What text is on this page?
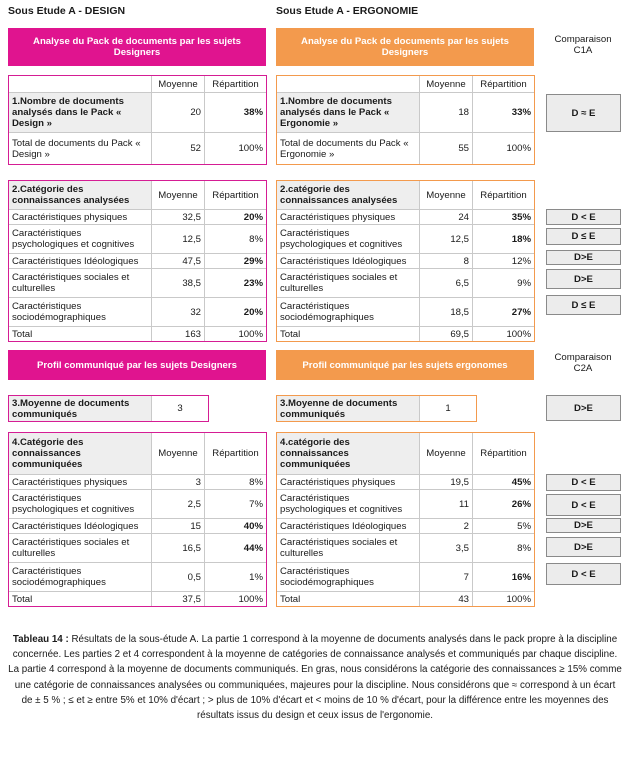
Sous Etude A - DESIGN
Analyse du Pack de documents par les sujets Designers
	Moyenne	Répartition
1.Nombre de documents analysés dans le Pack « Design »	20	38%
Total de documents du Pack « Design »	52	100%
2.Catégorie des connaissances analysées	Moyenne	Répartition
Caractéristiques physiques	32,5	20%
Caractéristiques psychologiques et cognitives	12,5	8%
Caractéristiques Idéologiques	47,5	29%
Caractéristiques sociales et culturelles	38,5	23%
Caractéristiques sociodémographiques	32	20%
Total	163	100%
Profil communiqué par les sujets Designers
3.Moyenne de documents communiqués	3
4.Catégorie des connaissances communiquées	Moyenne	Répartition
Caractéristiques physiques	3	8%
Caractéristiques psychologiques et cognitives	2,5	7%
Caractéristiques Idéologiques	15	40%
Caractéristiques sociales et culturelles	16,5	44%
Caractéristiques sociodémographiques	0,5	1%
Total	37,5	100%
Sous Etude A - ERGONOMIE
Analyse du Pack de documents par les sujets Designers
	Moyenne	Répartition
1.Nombre de documents analysés dans le Pack « Ergonomie »	18	33%
Total de documents du Pack « Ergonomie »	55	100%
2.catégorie des connaissances analysées	Moyenne	Répartition
Caractéristiques physiques	24	35%
Caractéristiques psychologiques et cognitives	12,5	18%
Caractéristiques Idéologiques	8	12%
Caractéristiques sociales et culturelles	6,5	9%
Caractéristiques sociodémographiques	18,5	27%
Total	69,5	100%
Profil communiqué par les sujets ergonomes
3.Moyenne de documents communiqués	1
4.catégorie des connaissances communiquées	Moyenne	Répartition
Caractéristiques physiques	19,5	45%
Caractéristiques psychologiques et cognitives	11	26%
Caractéristiques Idéologiques	2	5%
Caractéristiques sociales et culturelles	3,5	8%
Caractéristiques sociodémographiques	7	16%
Total	43	100%
Comparaison C1A
D ≈ E
D < E
D ≤ E
D>E
D>E
D ≤ E
Comparaison C2A
D>E
D < E
D < E
D>E
D>E
D < E
Tableau 14 : Résultats de la sous-étude A. La partie 1 correspond à la moyenne de documents analysés dans le pack propre à la discipline concernée. Les parties 2 et 4 correspondent à la moyenne de catégories de connaissance analysés et communiqués par chaque discipline. La partie 4 correspond à la moyenne de documents communiqués. En gras, nous considérons la catégorie des connaissances ≥ 15% comme une catégorie de connaissances analysées ou communiquées, majeures pour la discipline. Nous considérons que ≈ correspond à un écart de ± 5 % ; ≤ et ≥ entre 5% et 10% d'écart ; > plus de 10% d'écart et < moins de 10 % d'écart, pour la différence entre les moyennes des résultats issus du design et ceux issus de l'ergonomie.
